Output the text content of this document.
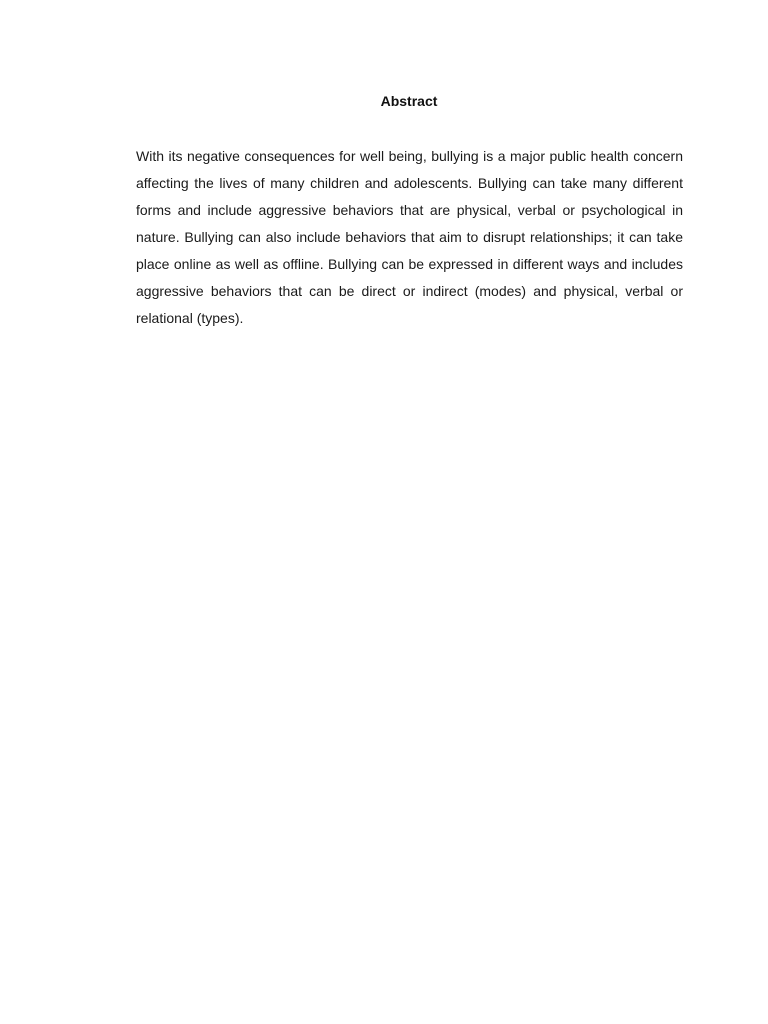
Abstract

With its negative consequences for well being, bullying is a major public health concern affecting the lives of many children and adolescents. Bullying can take many different forms and include aggressive behaviors that are physical, verbal or psychological in nature. Bullying can also include behaviors that aim to disrupt relationships; it can take place online as well as offline. Bullying can be expressed in different ways and includes aggressive behaviors that can be direct or indirect (modes) and physical, verbal or relational (types).
